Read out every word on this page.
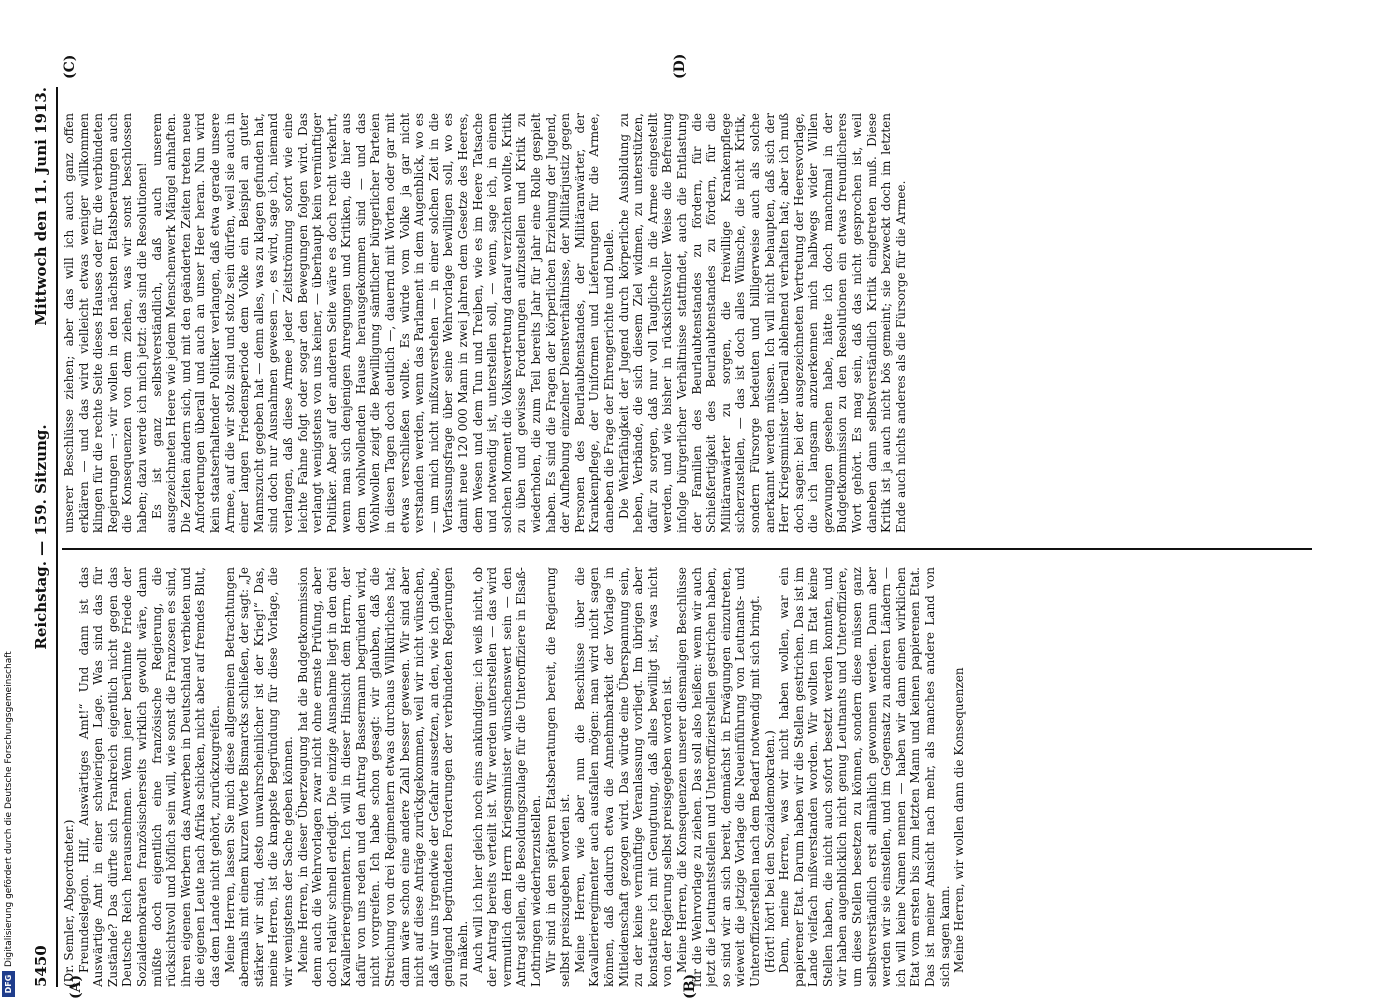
5450
Reichstag. — 159. Sitzung.
Mittwoch den 11. Juni 1913.

(Dr. Semler, Abgeordneter.) Freundeslegion. Hilf, Auswärtiges Amt!“ Und dann ist das Auswärtige Amt in einer schwierigen Lage. Was sind das für Zustände? Das dürfte sich Frankreich eigentlich nicht gegen das Deutsche Reich herausnehmen. Wenn jener berühmte Friede der Sozialdemokraten französischerseits wirklich gewollt wäre, dann müßte doch eigentlich eine französische Regierung, die rücksichtsvoll und höflich sein will, wie sonst die Franzosen es sind, ihren eigenen Werbern das Anwerben in Deutschland verbieten und die eigenen Leute nach Afrika schicken, nicht aber auf fremdes Blut, das dem Lande nicht gehört, zurückzugreifen. Meine Herren, lassen Sie mich diese allgemeinen Betrachtungen abermals mit einem kurzen Worte Bismarcks schließen, der sagt: „Je stärker wir sind, desto unwahrscheinlicher ist der Krieg!“ Das, meine Herren, ist die knappste Begründung für diese Vorlage, die wir wenigstens der Sache geben können. Meine Herren, in dieser Überzeugung hat die Budgetkommission denn auch die Wehrvorlagen zwar nicht ohne ernste Prüfung, aber doch relativ schnell erledigt. Die einzige Ausnahme liegt in den drei Kavallerieregimentern. Ich will in dieser Hinsicht dem Herrn, der dafür von uns reden und den Antrag Bassermann begründen wird, nicht vorgreifen. Ich habe schon gesagt: wir glauben, daß die Streichung von drei Regimentern etwas durchaus Willkürliches hat; dann wäre schon eine andere Zahl besser gewesen. Wir sind aber nicht auf diese Anträge zurückgekommen, weil wir nicht wünschen, daß wir uns irgendwie der Gefahr aussetzen, an den, wie ich glaube, genügend begründeten Forderungen der verbündeten Regierungen zu mäkeln. Auch will ich hier gleich noch eins ankündigen: ich weiß nicht, ob der Antrag bereits verteilt ist. Wir werden unterstellen — das wird vermutlich dem Herrn Kriegsminister wünschenswert sein — den Antrag stellen, die Besoldungszulage für die Unteroffiziere in Elsaß-Lothringen wiederherzustellen. Wir sind in den späteren Etatsberatungen bereit, die Regierung selbst preiszugeben worden ist. Meine Herren, wie aber nun die Beschlüsse über die Kavallerieregimenter auch ausfallen mögen: man wird nicht sagen können, daß dadurch etwa die Annehmbarkeit der Vorlage in Mitleidenschaft gezogen wird. Das würde eine Überspannung sein, zu der keine vernünftige Veranlassung vorliegt. Im übrigen aber konstatiere ich mit Genugtuung, daß alles bewilligt ist, was nicht von der Regierung selbst preisgegeben worden ist. Meine Herren, die Konsequenzen unserer diesmaligen Beschlüsse für die Wehrvorlage zu ziehen. Das soll also heißen: wenn wir auch jetzt die Leutnantsstellen und Unteroffizierstellen gestrichen haben, so sind wir an sich bereit, demnächst in Erwägungen einzutreten, wieweit die jetzige Vorlage die Neueinführung von Leutnants- und Unteroffizierstellen nach dem Bedarf notwendig mit sich bringt. (Hört! hört! bei den Sozialdemokraten.) Denn, meine Herren, was wir nicht haben wollen, war ein papierener Etat. Darum haben wir die Stellen gestrichen. Das ist im Lande vielfach mißverstanden worden. Wir wollten im Etat keine Stellen haben, die nicht auch sofort besetzt werden konnten, und wir haben augenblicklich nicht genug Leutnants und Unteroffiziere, um diese Stellen besetzen zu können, sondern diese müssen ganz selbstverständlich erst allmählich gewonnen werden. Dann aber werden wir sie einstellen, und im Gegensatz zu anderen Ländern — ich will keine Namen nennen — haben wir dann einen wirklichen Etat vom ersten bis zum letzten Mann und keinen papierenen Etat. Das ist meiner Ansicht nach mehr, als manches andere Land von sich sagen kann. Meine Herren, wir wollen dann die Konsequenzen

unserer Beschlüsse ziehen; aber das will ich auch ganz offen erklären — und das wird vielleicht etwas weniger willkommen klingen für die rechte Seite dieses Hauses oder für die verbündeten Regierungen —: wir wollen in den nächsten Etatsberatungen auch die Konsequenzen von dem ziehen, was wir sonst beschlossen haben; dazu werde ich mich jetzt: das sind die Resolutionen! Es ist ganz selbstverständlich, daß auch unserem ausgezeichneten Heere wie jedem Menschenwerk Mängel anhaften. Die Zeiten ändern sich, und mit den geänderten Zeiten treten neue Anforderungen überall und auch an unser Heer heran. Nun wird kein staatserhaltender Politiker verlangen, daß etwa gerade unsere Armee, auf die wir stolz sind und stolz sein dürfen, weil sie auch in einer langen Friedensperiode dem Volke ein Beispiel an guter Mannszucht gegeben hat — denn alles, was zu klagen gefunden hat, sind doch nur Ausnahmen gewesen —, es wird, sage ich, niemand verlangen, daß diese Armee jeder Zeitströmung sofort wie eine leichte Fahne folgt oder sogar den Bewegungen folgen wird. Das verlangt wenigstens von uns keiner, — überhaupt kein vernünftiger Politiker. Aber auf der anderen Seite wäre es doch recht verkehrt, wenn man sich denjenigen Anregungen und Kritiken, die hier aus dem wohlwollenden Hause herausgekommen sind — und das Wohlwollen zeigt die Bewilligung sämtlicher bürgerlicher Parteien in diesen Tagen doch deutlich —, dauernd mit Worten oder gar mit etwas verschließen wollte. Es würde vom Volke ja gar nicht verstanden werden, wenn das Parlament in dem Augenblick, wo es — um mich nicht mißzuverstehen — in einer solchen Zeit in die Verfassungsfrage über seine Wehrvorlage bewilligen soll, wo es damit neue 120 000 Mann in zwei Jahren dem Gesetze des Heeres, dem Wesen und dem Tun und Treiben, wie es im Heere Tatsache und notwendig ist, unterstellen soll, — wenn, sage ich, in einem solchen Moment die Volksvertretung darauf verzichten wollte, Kritik zu üben und gewisse Forderungen aufzustellen und Kritik zu wiederholen, die zum Teil bereits Jahr für Jahr eine Rolle gespielt haben. Es sind die Fragen der körperlichen Erziehung der Jugend, der Aufhebung einzelner Dienstverhältnisse, der Militärjustiz gegen Personen des Beurlaubtenstandes, der Militäranwärter, der Krankenpflege, der Uniformen und Lieferungen für die Armee, daneben die Frage der Ehrengerichte und Duelle. Die Wehrfähigkeit der Jugend durch körperliche Ausbildung zu heben, Verbände, die sich diesem Ziel widmen, zu unterstützen, dafür zu sorgen, daß nur voll Taugliche in die Armee eingestellt werden, und wie bisher in rücksichtsvoller Weise die Befreiung infolge bürgerlicher Verhältnisse stattfindet, auch die Entlastung der Familien des Beurlaubtenstandes zu fördern, für die Schießfertigkeit des Beurlaubtenstandes zu fördern, für die Militäranwärter zu sorgen, die freiwillige Krankenpflege sicherzustellen, — das ist doch alles Wünsche, die nicht Kritik, sondern Fürsorge bedeuten und billigerweise auch als solche anerkannt werden müssen. Ich will nicht behaupten, daß sich der Herr Kriegsminister überall ablehnend verhalten hat; aber ich muß doch sagen: bei der ausgezeichneten Vertretung der Heeresvorlage, die ich langsam anzuerkennen mich halbwegs wider Willen gezwungen gesehen habe, hätte ich doch manchmal in der Budgetkommission zu den Resolutionen ein etwas freundlicheres Wort gehört. Es mag sein, daß das nicht gesprochen ist, weil daneben dann selbstverständlich Kritik eingetreten muß. Diese Kritik ist ja auch nicht bös gemeint; sie bezweckt doch im letzten Ende auch nichts anderes als die Fürsorge für die Armee.

(A)	(B)
(C)	(D)
DFG
Digitalisierung gefördert durch die Deutsche Forschungsgemeinschaft
